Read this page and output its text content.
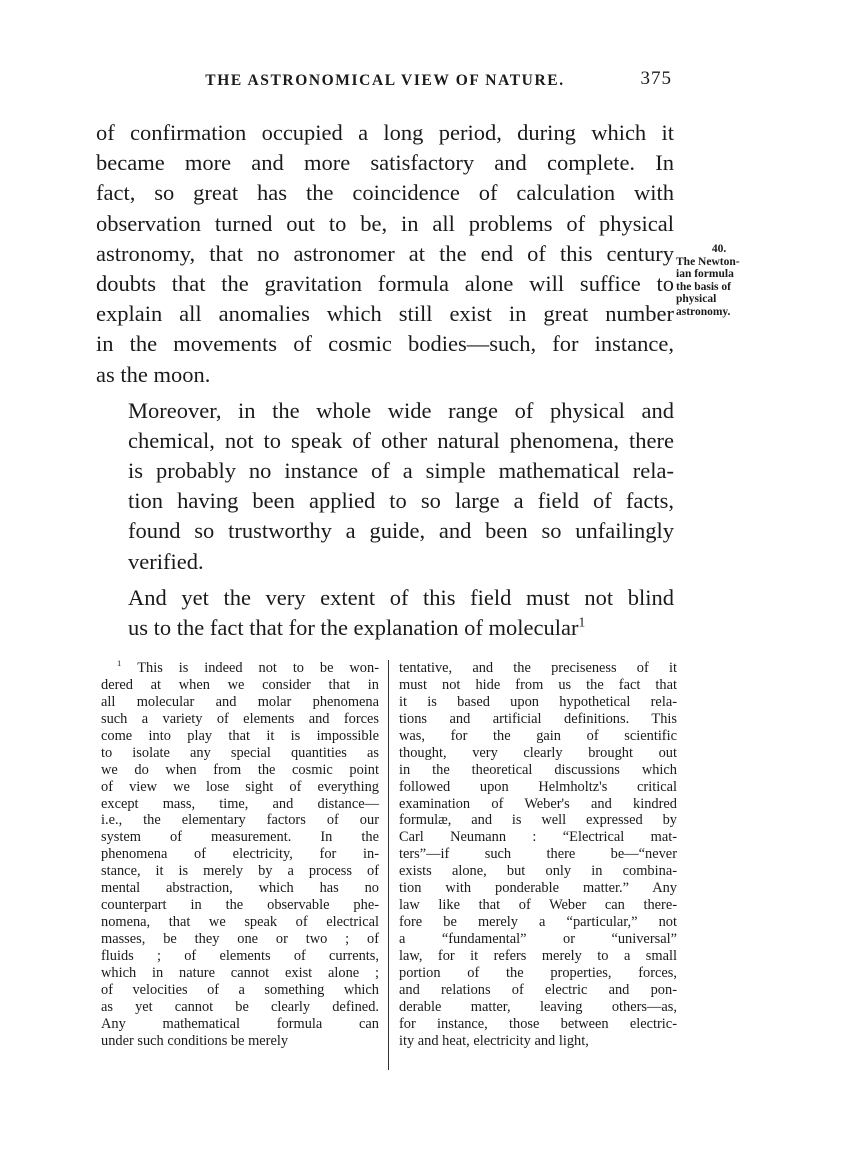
THE ASTRONOMICAL VIEW OF NATURE.	375
of confirmation occupied a long period, during which it
became more and more satisfactory and complete. In
fact, so great has the coincidence of calculation with
observation turned out to be, in all problems of physical
astronomy, that no astronomer at the end of this century
doubts that the gravitation formula alone will suffice to
explain all anomalies which still exist in great number
in the movements of cosmic bodies—such, for instance,
as the moon.
Moreover, in the whole wide range of physical and
chemical, not to speak of other natural phenomena, there
is probably no instance of a simple mathematical rela-
tion having been applied to so large a field of facts,
found so trustworthy a guide, and been so unfailingly
verified.
And yet the very extent of this field must not blind
us to the fact that for the explanation of molecular$^1$
40.
The Newton-
ian formula
the basis of
physical
astronomy.
$^1$ This is indeed not to be won-
dered at when we consider that in
all molecular and molar phenomena
such a variety of elements and forces
come into play that it is impossible
to isolate any special quantities as
we do when from the cosmic point
of view we lose sight of everything
except mass, time, and distance—
i.e., the elementary factors of our
system of measurement. In the
phenomena of electricity, for in-
stance, it is merely by a process of
mental abstraction, which has no
counterpart in the observable phe-
nomena, that we speak of electrical
masses, be they one or two ; of
fluids ; of elements of currents,
which in nature cannot exist alone ;
of velocities of a something which
as yet cannot be clearly defined.
Any mathematical formula can
under such conditions be merely
tentative, and the preciseness of it
must not hide from us the fact that
it is based upon hypothetical rela-
tions and artificial definitions. This
was, for the gain of scientific
thought, very clearly brought out
in the theoretical discussions which
followed upon Helmholtz's critical
examination of Weber's and kindred
formulæ, and is well expressed by
Carl Neumann : “Electrical mat-
ters”—if such there be—“never
exists alone, but only in combina-
tion with ponderable matter.” Any
law like that of Weber can there-
fore be merely a “particular,” not
a “fundamental” or “universal”
law, for it refers merely to a small
portion of the properties, forces,
and relations of electric and pon-
derable matter, leaving others—as,
for instance, those between electric-
ity and heat, electricity and light,
